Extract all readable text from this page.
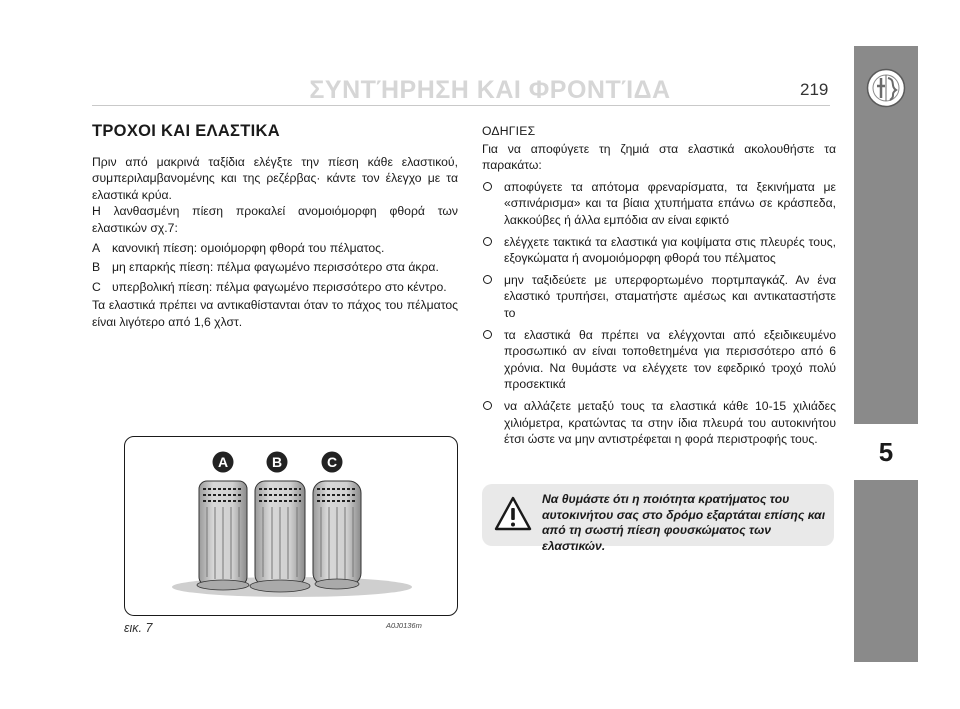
5
ΣΥΝΤΉΡΗΣΗ ΚΑΙ ΦΡΟΝΤΊΔΑ	219
ΤΡΟΧΟΙ ΚΑΙ ΕΛΑΣΤΙΚΑ

Πριν από μακρινά ταξίδια ελέγξτε την πίεση κάθε ελαστικού, συμπεριλαμβανομένης και της ρεζέρβας· κάντε τον έλεγχο με τα ελαστικά κρύα.

Η λανθασμένη πίεση προκαλεί ανομοιόμορφη φθορά των ελαστικών σχ.7:

A κανονική πίεση: ομοιόμορφη φθορά του πέλματος.
B μη επαρκής πίεση: πέλμα φαγωμένο περισσότερο στα άκρα.
C υπερβολική πίεση: πέλμα φαγωμένο περισσότερο στο κέντρο.

Τα ελαστικά πρέπει να αντικαθίστανται όταν το πάχος του πέλματος είναι λιγότερο από 1,6 χλστ.

A	B	C
εικ. 7	A0J0136m
ΟΔΗΓΙΕΣ

Για να αποφύγετε τη ζημιά στα ελαστικά ακολουθήστε τα παρακάτω:

αποφύγετε τα απότομα φρεναρίσματα, τα ξεκινήματα με «σπινάρισμα» και τα βίαια χτυπήματα επάνω σε κράσπεδα, λακκούβες ή άλλα εμπόδια αν είναι εφικτό
ελέγχετε τακτικά τα ελαστικά για κοψίματα στις πλευρές τους, εξογκώματα ή ανομοιόμορφη φθορά του πέλματος
μην ταξιδεύετε με υπερφορτωμένο πορτμπαγκάζ. Αν ένα ελαστικό τρυπήσει, σταματήστε αμέσως και αντικαταστήστε το
τα ελαστικά θα πρέπει να ελέγχονται από εξειδικευμένο προσωπικό αν είναι τοποθετημένα για περισσότερο από 6 χρόνια. Να θυμάστε να ελέγχετε τον εφεδρικό τροχό πολύ προσεκτικά
να αλλάζετε μεταξύ τους τα ελαστικά κάθε 10-15 χιλιάδες χιλιόμετρα, κρατώντας τα στην ίδια πλευρά του αυτοκινήτου έτσι ώστε να μην αντιστρέφεται η φορά περιστροφής τους.
Να θυμάστε ότι η ποιότητα κρατήματος του αυτοκινήτου σας στο δρόμο εξαρτάται επίσης και από τη σωστή πίεση φουσκώματος των ελαστικών.
